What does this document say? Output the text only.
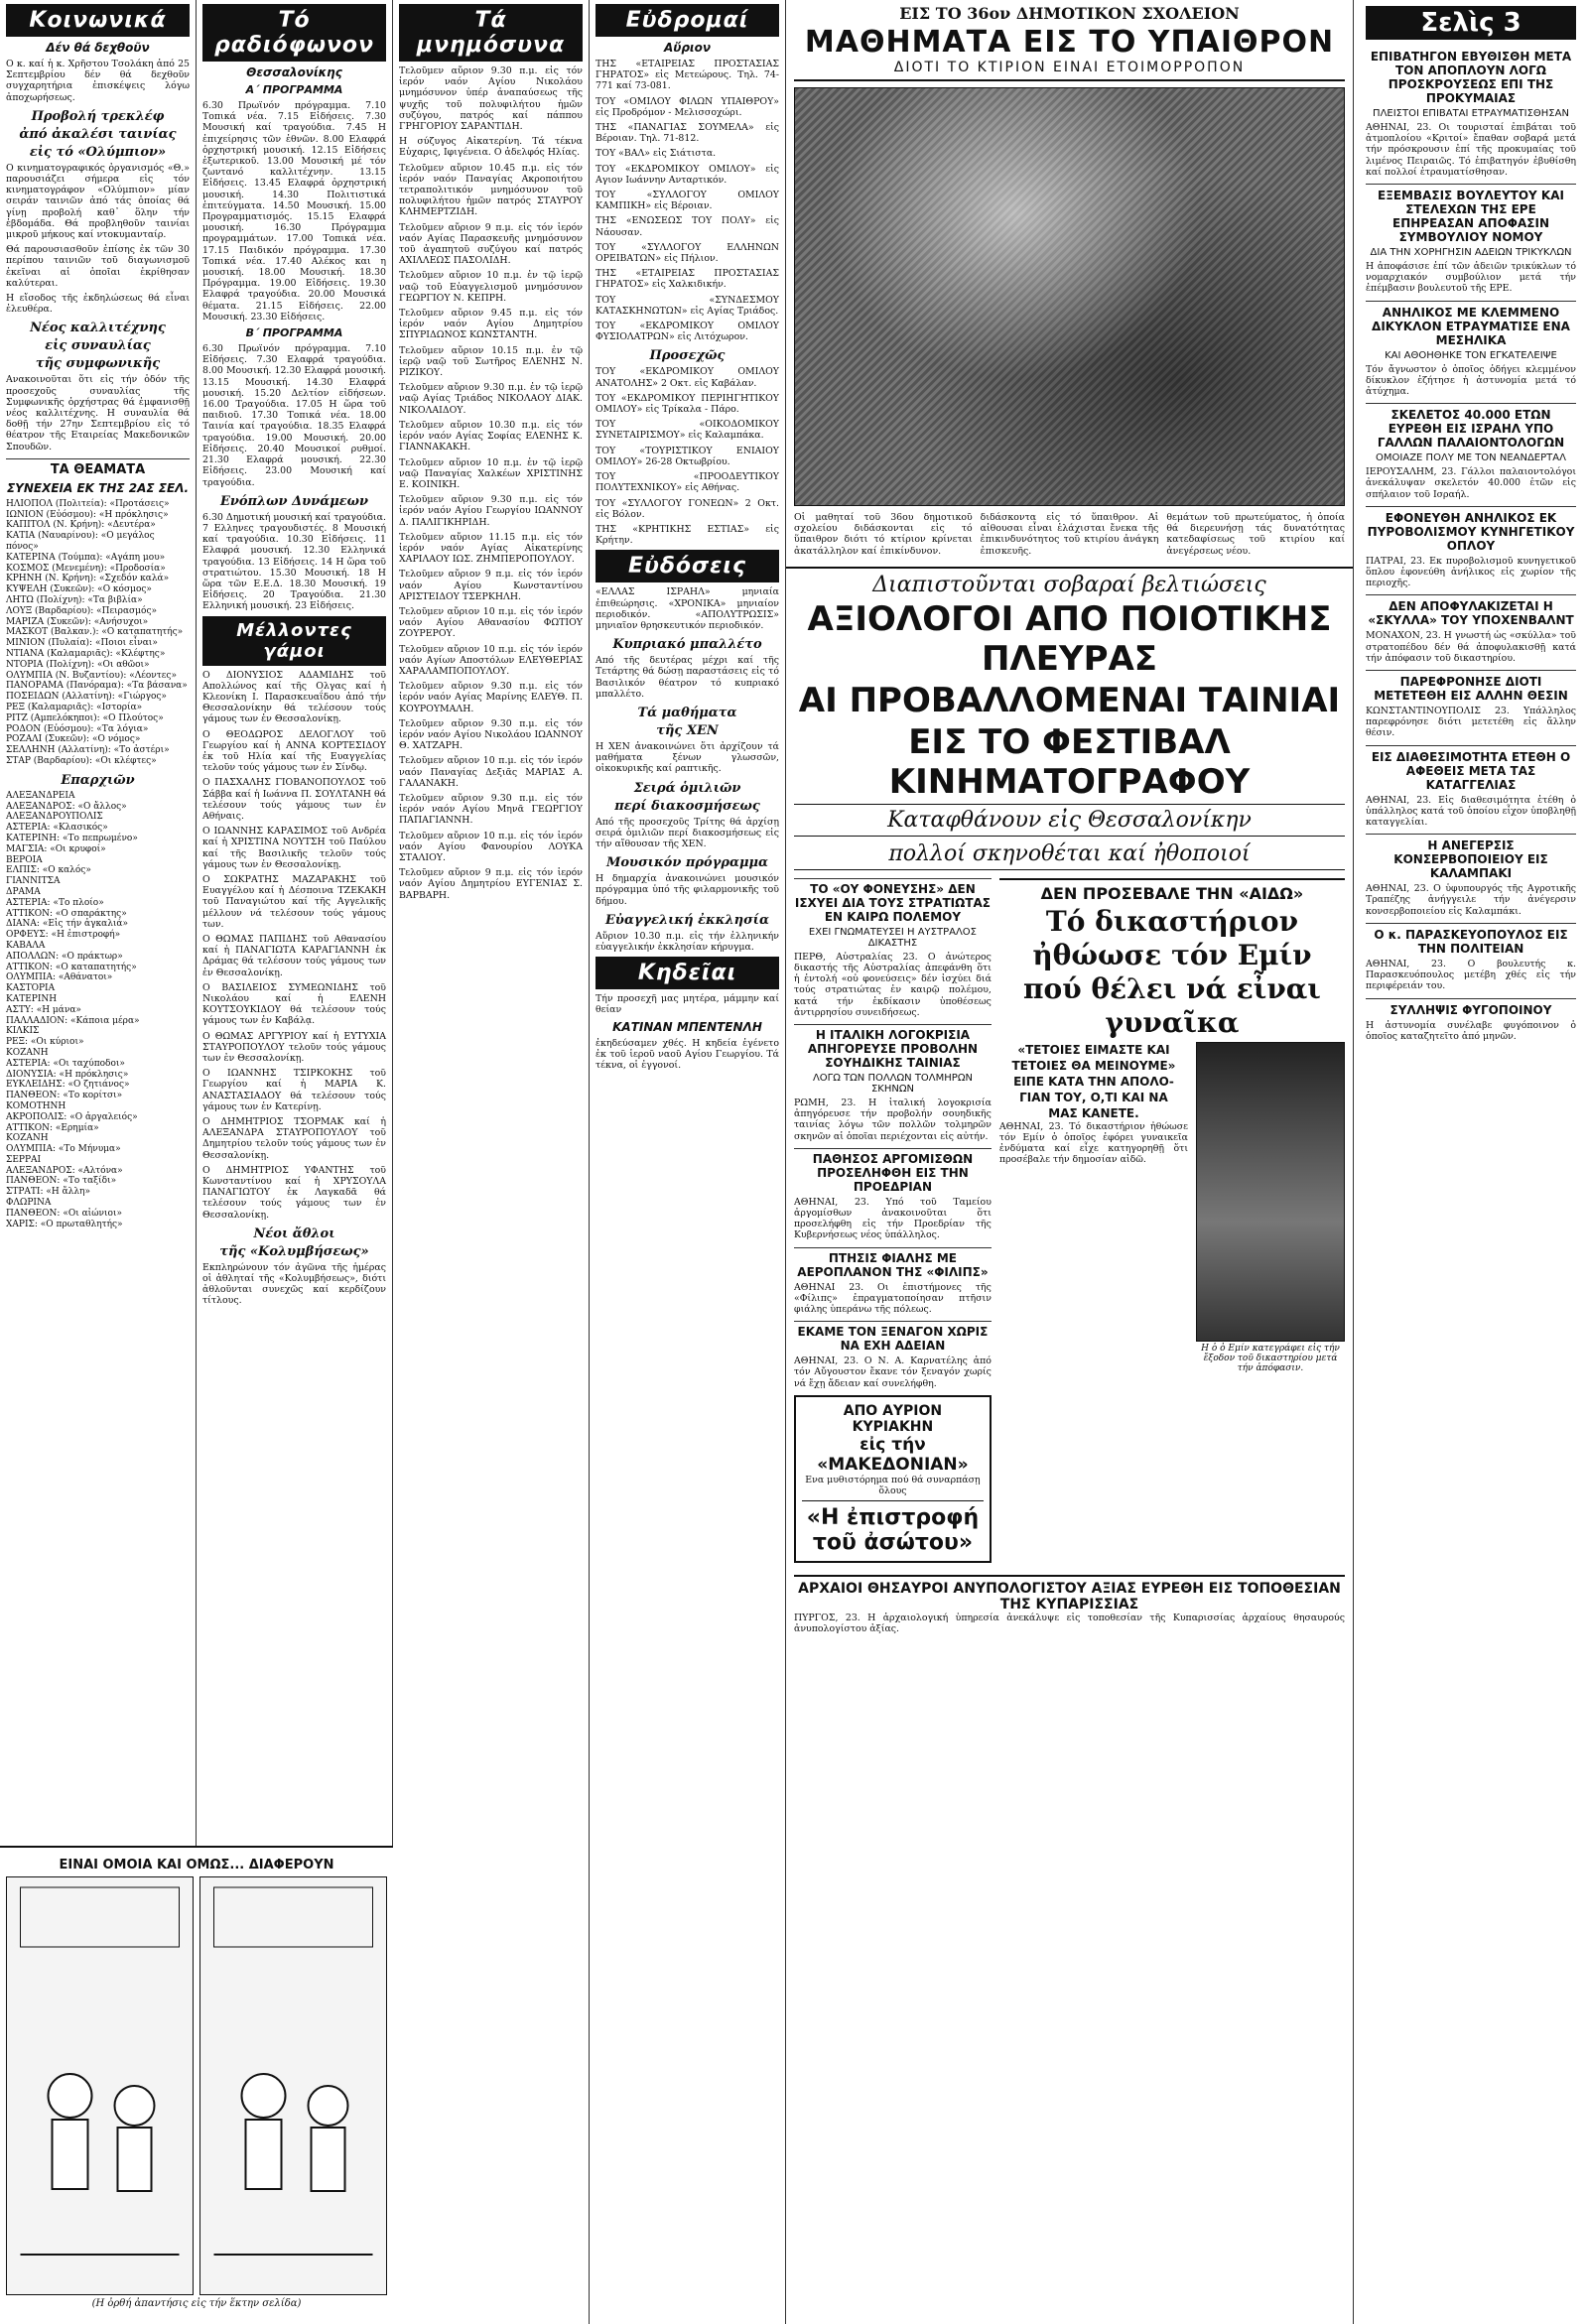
Κοινωνικά
Δέν θά δεχθοῦν

Ο κ. καί ἡ κ. Χρῆστου Τσολάκη ἀπό 25 Σεπτεμβρίου δέν θά δεχθοῦν συγχαρητήρια ἐπισκέψεις λόγω ἀποχωρήσεως.

Προβολή τρεκλέφ
ἀπό ἀκαλέσι ταινίας
εἰς τό «Ολύμπιον»

Ο κινηματογραφικός ὀργανισμός «Θ.» παρουσιάζει σήμερα εἰς τόν κινηματογράφον «Ολύμπιον» μίαν σειράν ταινιῶν ἀπό τάς ὁποίας θά γίνῃ προβολή καθ᾽ ὅλην τήν ἑβδομάδα. Θά προβληθοῦν ταινίαι μικροῦ μήκους καί ντοκυμανταίρ.

Θά παρουσιασθοῦν ἐπίσης ἐκ τῶν 30 περίπου ταινιῶν τοῦ διαγωνισμοῦ ἐκεῖναι αἱ ὁποῖαι ἐκρίθησαν καλύτεραι.

Η εἴσοδος τῆς ἐκδηλώσεως θά εἶναι ἐλευθέρα.

Νέος καλλιτέχνης
εἰς συναυλίας
τῆς συμφωνικῆς

Ανακοινοῦται ὅτι εἰς τήν ὁδόν τῆς προσεχοῦς συναυλίας τῆς Συμφωνικῆς ὀρχήστρας θά ἐμφανισθῇ νέος καλλιτέχνης. Η συναυλία θά δοθῇ τήν 27ην Σεπτεμβρίου εἰς τό θέατρον τῆς Εταιρείας Μακεδονικῶν Σπουδῶν.

ΤΑ ΘΕΑΜΑΤΑ
ΣΥΝΕΧΕΙΑ ΕΚ ΤΗΣ 2ΑΣ ΣΕΛ.

ΗΛΙΟΠΟΛ (Πολιτεία): «Προτάσεις»

ΙΩΝΙΟΝ (Εὐόσμου): «Η πρόκλησις»

ΚΑΠΙΤΟΛ (Ν. Κρήνη): «Δευτέρα»

ΚΑΤΙΑ (Ναυαρίνου): «Ο μεγάλος πόνος»

ΚΑΤΕΡΙΝΑ (Τούμπα): «Αγάπη μου»

ΚΟΣΜΟΣ (Μενεμένη): «Προδοσία»

ΚΡΗΝΗ (Ν. Κρήνη): «Σχεδόν καλά»

ΚΥΨΕΛΗ (Συκεῶν): «Ο κόσμος»

ΛΗΤΩ (Πολίχνη): «Τα βιβλία»

ΛΟΥΞ (Βαρδαρίου): «Πειρασμός»

ΜΑΡΙΖΑ (Συκεῶν): «Ανήσυχοι»

ΜΑΣΚΟΤ (Βαλκαν.): «Ο καταπατητής»

ΜΙΝΙΟΝ (Πυλαία): «Ποιοι εἶναι»

ΝΤΙΑΝΑ (Καλαμαριᾶς): «Κλέφτης»

ΝΤΟΡΙΑ (Πολίχνη): «Οι αθῶοι»

ΟΛΥΜΠΙΑ (Ν. Βυζαντίου): «Λέοντες»

ΠΑΝΟΡΑΜΑ (Πανόραμα): «Τα βάσανα»

ΠΟΣΕΙΔΩΝ (Αλλατίνη): «Γιώργος»

ΡΕΞ (Καλαμαριᾶς): «Ιστορία»

ΡΙΤΖ (Αμπελόκηποι): «Ο Πλούτος»

ΡΟΔΟΝ (Εὐόσμου): «Τα λόγια»

ΡΟΖΑΛΙ (Συκεῶν): «Ο νόμος»

ΣΕΛΛΗΝΗ (Αλλατίνη): «Το ἀστέρι»

ΣΤΑΡ (Βαρδαρίου): «Οι κλέφτες»

Επαρχιῶν

ΑΛΕΞΑΝΔΡΕΙΑ

ΑΛΕΞΑΝΔΡΟΣ: «Ο ἄλλος»

ΑΛΕΞΑΝΔΡΟΥΠΟΛΙΣ

ΑΣΤΕΡΙΑ: «Κλασικός»

ΚΑΤΕΡΙΝΗ: «Το πεπρωμένο»

ΜΑΓΣΙΑ: «Οι κρυφοί»

ΒΕΡΟΙΑ

ΕΛΠΙΣ: «Ο καλός»

ΓΙΑΝΝΙΤΣΑ

ΔΡΑΜΑ

ΑΣΤΕΡΙΑ: «Το πλοίο»

ΑΤΤΙΚΟΝ: «Ο σπαράκτης»

ΔΙΑΝΑ: «Εἰς τήν ἀγκαλιά»

ΟΡΦΕΥΣ: «Η ἐπιστροφή»

ΚΑΒΑΛΑ

ΑΠΟΛΛΩΝ: «Ο πράκτωρ»

ΑΤΤΙΚΟΝ: «Ο καταπατητής»

ΟΛΥΜΠΙΑ: «Αθάνατοι»

ΚΑΣΤΟΡΙΑ

ΚΑΤΕΡΙΝΗ

ΑΣΤΥ: «Η μάνα»

ΠΑΛΛΑΔΙΟΝ: «Κάποια μέρα»

ΚΙΛΚΙΣ

ΡΕΞ: «Οι κύριοι»

ΚΟΖΑΝΗ

ΑΣΤΕΡΙΑ: «Οι ταχύποδοι»

ΔΙΟΝΥΣΙΑ: «Η πρόκλησις»

ΕΥΚΛΕΙΔΗΣ: «Ο ζητιάνος»

ΠΑΝΘΕΟΝ: «Το κορίτσι»

ΚΟΜΟΤΗΝΗ

ΑΚΡΟΠΟΛΙΣ: «Ο ἀργαλειός»

ΑΤΤΙΚΟΝ: «Ερημία»

ΚΟΖΑΝΗ

ΟΛΥΜΠΙΑ: «Το Μήνυμα»

ΣΕΡΡΑΙ

ΑΛΕΞΑΝΔΡΟΣ: «Αλτόνα»

ΠΑΝΘΕΟΝ: «Το ταξίδι»

ΣΤΡΑΤΙ: «Η ἄλλη»

ΦΛΩΡΙΝΑ

ΠΑΝΘΕΟΝ: «Οι αἰώνιοι»

ΧΑΡΙΣ: «Ο πρωταθλητής»

Τό ραδιόφωνον
Θεσσαλονίκης
Α΄ ΠΡΟΓΡΑΜΜΑ

6.30 Πρωϊνόν πρόγραμμα. 7.10 Τοπικά νέα. 7.15 Εἰδήσεις. 7.30 Μουσική καί τραγούδια. 7.45 Η ἐπιχείρησις τῶν ἐθνῶν. 8.00 Ελαφρά ὀρχηστρική μουσική. 12.15 Εἰδήσεις ἐξωτερικοῦ. 13.00 Μουσική μέ τόν ζωντανό καλλιτέχνην. 13.15 Εἰδήσεις. 13.45 Ελαφρά ὀρχηστρική μουσική. 14.30 Πολιτιστικά ἐπιτεύγματα. 14.50 Μουσική. 15.00 Προγραμματισμός. 15.15 Ελαφρά μουσική. 16.30 Πρόγραμμα προγραμμάτων. 17.00 Τοπικά νέα. 17.15 Παιδικόν πρόγραμμα. 17.30 Τοπικά νέα. 17.40 Αλέκος και η μουσική. 18.00 Μουσική. 18.30 Πρόγραμμα. 19.00 Εἰδήσεις. 19.30 Ελαφρά τραγούδια. 20.00 Μουσικά θέματα. 21.15 Εἰδήσεις. 22.00 Μουσική. 23.30 Εἰδήσεις.

Β΄ ΠΡΟΓΡΑΜΜΑ

6.30 Πρωϊνόν πρόγραμμα. 7.10 Εἰδήσεις. 7.30 Ελαφρά τραγούδια. 8.00 Μουσική. 12.30 Ελαφρά μουσική. 13.15 Μουσική. 14.30 Ελαφρά μουσική. 15.20 Δελτίον εἰδήσεων. 16.00 Τραγούδια. 17.05 Η ὥρα τοῦ παιδιοῦ. 17.30 Τοπικά νέα. 18.00 Ταινία καί τραγούδια. 18.35 Ελαφρά τραγούδια. 19.00 Μουσική. 20.00 Εἰδήσεις. 20.40 Μουσικοί ρυθμοί. 21.30 Ελαφρά μουσική. 22.30 Εἰδήσεις. 23.00 Μουσική καί τραγούδια.

Ενόπλων Δυνάμεων

6.30 Δημοτική μουσική καί τραγούδια. 7 Ελληνες τραγουδιστές. 8 Μουσική καί τραγούδια. 10.30 Εἰδήσεις. 11 Ελαφρά μουσική. 12.30 Ελληνικά τραγούδια. 13 Εἰδήσεις. 14 Η ὥρα τοῦ στρατιώτου. 15.30 Μουσική. 18 Η ὥρα τῶν Ε.Ε.Δ. 18.30 Μουσική. 19 Εἰδήσεις. 20 Τραγούδια. 21.30 Ελληνική μουσική. 23 Εἰδήσεις.

Μέλλοντες γάμοι

Ο ΔΙΟΝΥΣΙΟΣ ΑΔΑΜΙΔΗΣ τοῦ Απολλώνος καί τῆς Ολγας καί ἡ Κλεονίκη Ι. Παρασκευαΐδου ἀπό τήν Θεσσαλονίκην θά τελέσουν τούς γάμους των ἐν Θεσσαλονίκῃ.

Ο ΘΕΟΔΩΡΟΣ ΔΕΛΟΓΛΟΥ τοῦ Γεωργίου καί ἡ ΑΝΝΑ ΚΟΡΤΕΣΙΔΟΥ ἐκ τοῦ Ηλία καί τῆς Ευαγγελίας τελοῦν τούς γάμους των ἐν Σίνδῳ.

Ο ΠΑΣΧΑΛΗΣ ΓΙΟΒΑΝΟΠΟΥΛΟΣ τοῦ Σάββα καί ἡ Ιωάννα Π. ΣΟΥΛΤΑΝΗ θά τελέσουν τούς γάμους των ἐν Αθήναις.

Ο ΙΩΑΝΝΗΣ ΚΑΡΑΣΙΜΟΣ τοῦ Ανδρέα καί ἡ ΧΡΙΣΤΙΝΑ ΝΟΥΤΣΗ τοῦ Παύλου καί τῆς Βασιλικῆς τελοῦν τούς γάμους των ἐν Θεσσαλονίκῃ.

Ο ΣΩΚΡΑΤΗΣ ΜΑΖΑΡΑΚΗΣ τοῦ Ευαγγέλου καί ἡ Δέσποινα ΤΖΕΚΑΚΗ τοῦ Παναγιώτου καί τῆς Αγγελικῆς μέλλουν νά τελέσουν τούς γάμους των.

Ο ΘΩΜΑΣ ΠΑΠΙΔΗΣ τοῦ Αθανασίου καί ἡ ΠΑΝΑΓΙΩΤΑ ΚΑΡΑΓΙΑΝΝΗ ἐκ Δράμας θά τελέσουν τούς γάμους των ἐν Θεσσαλονίκῃ.

Ο ΒΑΣΙΛΕΙΟΣ ΣΥΜΕΩΝΙΔΗΣ τοῦ Νικολάου καί ἡ ΕΛΕΝΗ ΚΟΥΤΣΟΥΚΙΔΟΥ θά τελέσουν τούς γάμους των ἐν Καβάλᾳ.

Ο ΘΩΜΑΣ ΑΡΓΥΡΙΟΥ καί ἡ ΕΥΤΥΧΙΑ ΣΤΑΥΡΟΠΟΥΛΟΥ τελοῦν τούς γάμους των ἐν Θεσσαλονίκῃ.

Ο ΙΩΑΝΝΗΣ ΤΣΙΡΚΟΚΗΣ τοῦ Γεωργίου καί ἡ ΜΑΡΙΑ Κ. ΑΝΑΣΤΑΣΙΑΔΟΥ θά τελέσουν τούς γάμους των ἐν Κατερίνῃ.

Ο ΔΗΜΗΤΡΙΟΣ ΤΣΟΡΜΑΚ καί ἡ ΑΛΕΞΑΝΔΡΑ ΣΤΑΥΡΟΠΟΥΛΟΥ τοῦ Δημητρίου τελοῦν τούς γάμους των ἐν Θεσσαλονίκῃ.

Ο ΔΗΜΗΤΡΙΟΣ ΥΦΑΝΤΗΣ τοῦ Κωνσταντίνου καί ἡ ΧΡΥΣΟΥΛΑ ΠΑΝΑΓΙΩΤΟΥ ἐκ Λαγκαδᾶ θά τελέσουν τούς γάμους των ἐν Θεσσαλονίκῃ.

Νέοι ἄθλοι
τῆς «Κολυμβήσεως»

Εκπληρώνουν τόν ἀγῶνα τῆς ἡμέρας οἱ ἀθληταί τῆς «Κολυμβήσεως», διότι ἀθλοῦνται συνεχῶς καί κερδίζουν τίτλους.

Τά μνημόσυνα

Τελοῦμεν αὔριον 9.30 π.μ. εἰς τόν ἱερόν ναόν Αγίου Νικολάου μνημόσυνον ὑπέρ ἀναπαύσεως τῆς ψυχῆς τοῦ πολυφιλήτου ἡμῶν συζύγου, πατρός καί πάππου ΓΡΗΓΟΡΙΟΥ ΣΑΡΑΝΤΙΔΗ.

Η σύζυγος Αἰκατερίνη. Τά τέκνα Εὐχαρις, Ιφιγένεια. Ο ἀδελφός Ηλίας.

Τελοῦμεν αὔριον 10.45 π.μ. εἰς τόν ἱερόν ναόν Παναγίας Ακροποιήτου τετραπολιτικόν μνημόσυνον τοῦ πολυφιλήτου ἡμῶν πατρός ΣΤΑΥΡΟΥ ΚΛΗΜΕΡΤΖΙΔΗ.

Τελοῦμεν αὔριον 9 π.μ. εἰς τόν ἱερόν ναόν Αγίας Παρασκευῆς μνημόσυνον τοῦ ἀγαπητοῦ συζύγου καί πατρός ΑΧΙΛΛΕΩΣ ΠΑΣΟΛΙΔΗ.

Τελοῦμεν αὔριον 10 π.μ. ἐν τῷ ἱερῷ ναῷ τοῦ Εὐαγγελισμοῦ μνημόσυνον ΓΕΩΡΓΙΟΥ Ν. ΚΕΠΡΗ.

Τελοῦμεν αὔριον 9.45 π.μ. εἰς τόν ἱερόν ναόν Αγίου Δημητρίου ΣΠΥΡΙΔΩΝΟΣ ΚΩΝΣΤΑΝΤΗ.

Τελοῦμεν αὔριον 10.15 π.μ. ἐν τῷ ἱερῷ ναῷ τοῦ Σωτῆρος ΕΛΕΝΗΣ Ν. ΡΙΖΙΚΟΥ.

Τελοῦμεν αὔριον 9.30 π.μ. ἐν τῷ ἱερῷ ναῷ Αγίας Τριάδος ΝΙΚΟΛΑΟΥ ΔΙΑΚ. ΝΙΚΟΛΑΙΔΟΥ.

Τελοῦμεν αὔριον 10.30 π.μ. εἰς τόν ἱερόν ναόν Αγίας Σοφίας ΕΛΕΝΗΣ Κ. ΓΙΑΝΝΑΚΑΚΗ.

Τελοῦμεν αὔριον 10 π.μ. ἐν τῷ ἱερῷ ναῷ Παναγίας Χαλκέων ΧΡΙΣΤΙΝΗΣ Ε. ΚΟΙΝΙΚΗ.

Τελοῦμεν αὔριον 9.30 π.μ. εἰς τόν ἱερόν ναόν Αγίου Γεωργίου ΙΩΑΝΝΟΥ Δ. ΠΑΛΙΓΙΚΗΡΙΔΗ.

Τελοῦμεν αὔριον 11.15 π.μ. εἰς τόν ἱερόν ναόν Αγίας Αἰκατερίνης ΧΑΡΙΛΑΟΥ ΙΩΣ. ΖΗΜΠΕΡΟΠΟΥΛΟΥ.

Τελοῦμεν αὔριον 9 π.μ. εἰς τόν ἱερόν ναόν Αγίου Κωνσταντίνου ΑΡΙΣΤΕΙΔΟΥ ΤΣΕΡΚΗΛΗ.

Τελοῦμεν αὔριον 10 π.μ. εἰς τόν ἱερόν ναόν Αγίου Αθανασίου ΦΩΤΙΟΥ ΖΟΥΡΕΡΟΥ.

Τελοῦμεν αὔριον 10 π.μ. εἰς τόν ἱερόν ναόν Αγίων Αποστόλων ΕΛΕΥΘΕΡΙΑΣ ΧΑΡΑΛΑΜΠΟΠΟΥΛΟΥ.

Τελοῦμεν αὔριον 9.30 π.μ. εἰς τόν ἱερόν ναόν Αγίας Μαρίνης ΕΛΕΥΘ. Π. ΚΟΥΡΟΥΜΑΛΗ.

Τελοῦμεν αὔριον 9.30 π.μ. εἰς τόν ἱερόν ναόν Αγίου Νικολάου ΙΩΑΝΝΟΥ Θ. ΧΑΤΖΑΡΗ.

Τελοῦμεν αὔριον 10 π.μ. εἰς τόν ἱερόν ναόν Παναγίας Δεξιᾶς ΜΑΡΙΑΣ Α. ΓΑΛΑΝΑΚΗ.

Τελοῦμεν αὔριον 9.30 π.μ. εἰς τόν ἱερόν ναόν Αγίου Μηνᾶ ΓΕΩΡΓΙΟΥ ΠΑΠΑΓΙΑΝΝΗ.

Τελοῦμεν αὔριον 10 π.μ. εἰς τόν ἱερόν ναόν Αγίου Φανουρίου ΛΟΥΚΑ ΣΤΑΛΙΟΥ.

Τελοῦμεν αὔριον 9 π.μ. εἰς τόν ἱερόν ναόν Αγίου Δημητρίου ΕΥΓΕΝΙΑΣ Σ. ΒΑΡΒΑΡΗ.

Εὐδρομαί
Αὔριον

ΤΗΣ «ΕΤΑΙΡΕΙΑΣ ΠΡΟΣΤΑΣΙΑΣ ΓΗΡΑΤΟΣ» εἰς Μετεώρους. Τηλ. 74-771 καί 73-081.

ΤΟΥ «ΟΜΙΛΟΥ ΦΙΛΩΝ ΥΠΑΙΘΡΟΥ» εἰς Προδρόμον - Μελισσοχώρι.

ΤΗΣ «ΠΑΝΑΓΙΑΣ ΣΟΥΜΕΛΑ» εἰς Βέροιαν. Τηλ. 71-812.

ΤΟΥ «ΒΑΛ» εἰς Σιάτιστα.

ΤΟΥ «ΕΚΔΡΟΜΙΚΟΥ ΟΜΙΛΟΥ» εἰς Αγιον Ιωάννην Ανταρτικόν.

ΤΟΥ «ΣΥΛΛΟΓΟΥ ΟΜΙΛΟΥ ΚΑΜΠΙΚΗ» εἰς Βέροιαν.

ΤΗΣ «ΕΝΩΣΕΩΣ ΤΟΥ ΠΟΛΥ» εἰς Νάουσαν.

ΤΟΥ «ΣΥΛΛΟΓΟΥ ΕΛΛΗΝΩΝ ΟΡΕΙΒΑΤΩΝ» εἰς Πήλιον.

ΤΗΣ «ΕΤΑΙΡΕΙΑΣ ΠΡΟΣΤΑΣΙΑΣ ΓΗΡΑΤΟΣ» εἰς Χαλκιδικήν.

ΤΟΥ «ΣΥΝΔΕΣΜΟΥ ΚΑΤΑΣΚΗΝΩΤΩΝ» εἰς Αγίας Τριάδος.

ΤΟΥ «ΕΚΔΡΟΜΙΚΟΥ ΟΜΙΛΟΥ ΦΥΣΙΟΛΑΤΡΩΝ» εἰς Λιτόχωρον.

Προσεχῶς

ΤΟΥ «ΕΚΔΡΟΜΙΚΟΥ ΟΜΙΛΟΥ ΑΝΑΤΟΛΗΣ» 2 Οκτ. εἰς Καβάλαν.

ΤΟΥ «ΕΚΔΡΟΜΙΚΟΥ ΠΕΡΙΗΓΗΤΙΚΟΥ ΟΜΙΛΟΥ» εἰς Τρίκαλα - Πάρο.

ΤΟΥ «ΟΙΚΟΔΟΜΙΚΟΥ ΣΥΝΕΤΑΙΡΙΣΜΟΥ» εἰς Καλαμπάκα.

ΤΟΥ «ΤΟΥΡΙΣΤΙΚΟΥ ΕΝΙΑΙΟΥ ΟΜΙΛΟΥ» 26-28 Οκτωβρίου.

ΤΟΥ «ΠΡΟΟΔΕΥΤΙΚΟΥ ΠΟΛΥΤΕΧΝΙΚΟΥ» εἰς Αθήνας.

ΤΟΥ «ΣΥΛΛΟΓΟΥ ΓΟΝΕΩΝ» 2 Οκτ. εἰς Βόλον.

ΤΗΣ «ΚΡΗΤΙΚΗΣ ΕΣΤΙΑΣ» εἰς Κρήτην.

Εὐδόσεις

«ΕΛΛΑΣ ΙΣΡΑΗΛ» μηνιαία ἐπιθεώρησις. «ΧΡΟΝΙΚΑ» μηνιαίον περιοδικόν. «ΑΠΟΛΥΤΡΩΣΙΣ» μηνιαῖον θρησκευτικόν περιοδικόν.

Κυπριακό μπαλλέτο

Από τῆς δευτέρας μέχρι καί τῆς Τετάρτης θά δώσῃ παραστάσεις εἰς τό Βασιλικόν θέατρον τό κυπριακό μπαλλέτο.

Τά μαθήματα
τῆς ΧΕΝ

Η ΧΕΝ ἀνακοινώνει ὅτι ἀρχίζουν τά μαθήματα ξένων γλωσσῶν, οἰκοκυρικῆς καί ραπτικῆς.

Σειρά ὁμιλιῶν
περί διακοσμήσεως

Από τῆς προσεχοῦς Τρίτης θά ἀρχίσῃ σειρά ὁμιλιῶν περί διακοσμήσεως εἰς τήν αἴθουσαν τῆς ΧΕΝ.

Μουσικόν πρόγραμμα

Η δημαρχία ἀνακοινώνει μουσικόν πρόγραμμα ὑπό τῆς φιλαρμονικῆς τοῦ δήμου.

Εὐαγγελική ἐκκλησία

Αὔριον 10.30 π.μ. εἰς τήν ἑλληνικήν εὐαγγελικήν ἐκκλησίαν κήρυγμα.

Κηδεῖαι

Τήν προσεχῆ μας μητέρα, μάμμην καί θείαν

ΚΑΤΙΝΑΝ ΜΠΕΝΤΕΝΛΗ

ἐκηδεύσαμεν χθές. Η κηδεία ἐγένετο ἐκ τοῦ ἱεροῦ ναοῦ Αγίου Γεωργίου. Τά τέκνα, οἱ ἐγγονοί.

ΕΙΣ ΤΟ 36ον ΔΗΜΟΤΙΚΟΝ ΣΧΟΛΕΙΟΝ
ΜΑΘΗΜΑΤΑ ΕΙΣ ΤΟ ΥΠΑΙΘΡΟΝ
ΔΙΟΤΙ ΤΟ ΚΤΙΡΙΟΝ ΕΙΝΑΙ ΕΤΟΙΜΟΡΡΟΠΟΝ

Οἱ μαθηταί τοῦ 36ου δημοτικοῦ σχολείου διδάσκονται εἰς τό ὕπαιθρον διότι τό κτίριον κρίνεται ἀκατάλληλον καί ἐπικίνδυνον.

διδάσκοντα εἰς τό ὕπαιθρον. Αἱ αἰθουσαι εἶναι ἐλάχισται ἔνεκα τῆς ἐπικινδυνότητος τοῦ κτιρίου ἀνάγκη ἐπισκευῆς.

θεμάτων τοῦ πρωτεύματος, ἡ ὁποία θά διερευνήσῃ τάς δυνατότητας κατεδαφίσεως τοῦ κτιρίου καί ἀνεγέρσεως νέου.

Διαπιστοῦνται σοβαραί βελτιώσεις
ΑΞΙΟΛΟΓΟΙ ΑΠΟ ΠΟΙΟΤΙΚΗΣ ΠΛΕΥΡΑΣ
ΑΙ ΠΡΟΒΑΛΛΟΜΕΝΑΙ ΤΑΙΝΙΑΙ
ΕΙΣ ΤΟ ΦΕΣΤΙΒΑΛ ΚΙΝΗΜΑΤΟΓΡΑΦΟΥ
Καταφθάνουν εἰς Θεσσαλονίκην
πολλοί σκηνοθέται καί ἠθοποιοί
ΤΟ «ΟΥ ΦΟΝΕΥΣΗΣ» ΔΕΝ ΙΣΧΥΕΙ ΔΙΑ ΤΟΥΣ ΣΤΡΑΤΙΩΤΑΣ ΕΝ ΚΑΙΡΩ ΠΟΛΕΜΟΥ
ΕΧΕΙ ΓΝΩΜΑΤΕΥΣΕΙ Η ΑΥΣΤΡΑΛΟΣ ΔΙΚΑΣΤΗΣ

ΠΕΡΘ, Αὐστραλίας 23. Ο ἀνώτερος δικαστής τῆς Αὐστραλίας ἀπεφάνθη ὅτι ἡ ἐντολή «οὐ φονεύσεις» δέν ἰσχύει διά τούς στρατιώτας ἐν καιρῷ πολέμου, κατά τήν ἐκδίκασιν ὑποθέσεως ἀντιρρησίου συνειδήσεως.

Η ΙΤΑΛΙΚΗ ΛΟΓΟΚΡΙΣΙΑ ΑΠΗΓΟΡΕΥΣΕ ΠΡΟΒΟΛΗΝ ΣΟΥΗΔΙΚΗΣ ΤΑΙΝΙΑΣ
ΛΟΓΩ ΤΩΝ ΠΟΛΛΩΝ ΤΟΛΜΗΡΩΝ ΣΚΗΝΩΝ

ΡΩΜΗ, 23. Η ἰταλική λογοκρισία ἀπηγόρευσε τήν προβολήν σουηδικῆς ταινίας λόγω τῶν πολλῶν τολμηρῶν σκηνῶν αἱ ὁποῖαι περιέχονται εἰς αὐτήν.

ΠΑΘΗΣΟΣ ΑΡΓΟΜΙΣΘΩΝ ΠΡΟΣΕΛΗΦΘΗ ΕΙΣ ΤΗΝ ΠΡΟΕΔΡΙΑΝ

ΑΘΗΝΑΙ, 23. Υπό τοῦ Ταμείου ἀργομίσθων ἀνακοινοῦται ὅτι προσελήφθη εἰς τήν Προεδρίαν τῆς Κυβερνήσεως νέος ὑπάλληλος.

ΠΤΗΣΙΣ ΦΙΑΛΗΣ ΜΕ ΑΕΡΟΠΛΑΝΟΝ ΤΗΣ «ΦΙΛΙΠΣ»

ΑΘΗΝΑΙ 23. Οι ἐπιστήμονες τῆς «Φίλιπς» ἐπραγματοποίησαν πτῆσιν φιάλης ὑπεράνω τῆς πόλεως.

ΕΚΑΜΕ ΤΟΝ ΞΕΝΑΓΟΝ ΧΩΡΙΣ ΝΑ ΕΧΗ ΑΔΕΙΑΝ

ΑΘΗΝΑΙ, 23. Ο Ν. Α. Καρνατέλης ἀπό τόν Αὔγουστον ἔκανε τόν ξεναγόν χωρίς νά ἔχῃ ἄδειαν καί συνελήφθη.

ΑΠΟ ΑΥΡΙΟΝ ΚΥΡΙΑΚΗΝ
εἰς τήν «ΜΑΚΕΔΟΝΙΑΝ»

Ενα μυθιστόρημα πού θά συναρπάσῃ ὅλους

«Η ἐπιστροφή τοῦ ἀσώτου»
ΔΕΝ ΠΡΟΣΕΒΑΛΕ ΤΗΝ «ΑΙΔΩ»
Τό δικαστήριον ἠθώωσε τόν Εμίν πού θέλει νά εἶναι γυναῖκα
«ΤΕΤΟΙΕΣ ΕΙΜΑΣΤΕ ΚΑΙ
ΤΕΤΟΙΕΣ ΘΑ ΜΕΙΝΟΥΜΕ»
ΕΙΠΕ ΚΑΤΑ ΤΗΝ ΑΠΟΛΟ-
ΓΙΑΝ ΤΟΥ, Ο,ΤΙ ΚΑΙ ΝΑ
ΜΑΣ ΚΑΝΕΤΕ.

ΑΘΗΝΑΙ, 23. Τό δικαστήριον ἠθώωσε τόν Εμίν ὁ ὁποῖος ἐφόρει γυναικεῖα ἐνδύματα καί εἶχε κατηγορηθῇ ὅτι προσέβαλε τήν δημοσίαν αἰδῶ.

Η ὁ ὁ Εμίν κατεγράφει εἰς τήν ἔξοδον τοῦ δικαστηρίου μετά τήν ἀπόφασιν.
ΑΡΧΑΙΟΙ ΘΗΣΑΥΡΟΙ ΑΝΥΠΟΛΟΓΙΣΤΟΥ ΑΞΙΑΣ ΕΥΡΕΘΗ ΕΙΣ ΤΟΠΟΘΕΣΙΑΝ ΤΗΣ ΚΥΠΑΡΙΣΣΙΑΣ

ΠΥΡΓΟΣ, 23. Η ἀρχαιολογική ὑπηρεσία ἀνεκάλυψε εἰς τοποθεσίαν τῆς Κυπαρισσίας ἀρχαίους θησαυρούς ἀνυπολογίστου ἀξίας.

Σελὶς 3
ΕΠΙΒΑΤΗΓΟΝ ΕΒΥΘΙΣΘΗ ΜΕΤΑ ΤΟΝ ΑΠΟΠΛΟΥΝ ΛΟΓΩ ΠΡΟΣΚΡΟΥΣΕΩΣ ΕΠΙ ΤΗΣ ΠΡΟΚΥΜΑΙΑΣ
ΠΛΕΙΣΤΟΙ ΕΠΙΒΑΤΑΙ ΕΤΡΑΥΜΑΤΙΣΘΗΣΑΝ

ΑΘΗΝΑΙ, 23. Οι τουρισταί ἐπιβάται τοῦ ἀτμοπλοίου «Κριτοί» ἔπαθαν σοβαρά μετά τήν πρόσκρουσιν ἐπί τῆς προκυμαίας τοῦ λιμένος Πειραιῶς. Τό ἐπιβατηγόν ἐβυθίσθη καί πολλοί ἐτραυματίσθησαν.

ΕΞΕΜΒΑΣΙΣ ΒΟΥΛΕΥΤΟΥ ΚΑΙ ΣΤΕΛΕΧΩΝ ΤΗΣ ΕΡΕ ΕΠΗΡΕΑΣΑΝ ΑΠΟΦΑΣΙΝ ΣΥΜΒΟΥΛΙΟΥ ΝΟΜΟΥ
ΔΙΑ ΤΗΝ ΧΟΡΗΓΗΣΙΝ ΑΔΕΙΩΝ ΤΡΙΚΥΚΛΩΝ

Η ἀποφάσισε ἐπί τῶν ἀδειῶν τρικύκλων τό νομαρχιακόν συμβούλιον μετά τήν ἐπέμβασιν βουλευτοῦ τῆς ΕΡΕ.

ΑΝΗΛΙΚΟΣ ΜΕ ΚΛΕΜΜΕΝΟ ΔΙΚΥΚΛΟΝ ΕΤΡΑΥΜΑΤΙΣΕ ΕΝΑ ΜΕΣΗΛΙΚΑ
ΚΑΙ ΑΘΟΗΘΗΚΕ ΤΟΝ ΕΓΚΑΤΕΛΕΙΨΕ

Τόν ἄγνωστον ὁ ὁποῖος ὁδήγει κλεμμένον δίκυκλον ἐζήτησε ἡ ἀστυνομία μετά τό ἀτύχημα.

ΣΚΕΛΕΤΟΣ 40.000 ΕΤΩΝ ΕΥΡΕΘΗ ΕΙΣ ΙΣΡΑΗΛ ΥΠΟ ΓΑΛΛΩΝ ΠΑΛΑΙΟΝΤΟΛΟΓΩΝ
ΟΜΟΙΑΖΕ ΠΟΛΥ ΜΕ ΤΟΝ ΝΕΑΝΔΕΡΤΑΛ

ΙΕΡΟΥΣΑΛΗΜ, 23. Γάλλοι παλαιοντολόγοι ἀνεκάλυψαν σκελετόν 40.000 ἐτῶν εἰς σπήλαιον τοῦ Ισραήλ.

ΕΦΟΝΕΥΘΗ ΑΝΗΛΙΚΟΣ ΕΚ ΠΥΡΟΒΟΛΙΣΜΟΥ ΚΥΝΗΓΕΤΙΚΟΥ ΟΠΛΟΥ

ΠΑΤΡΑΙ, 23. Εκ πυροβολισμοῦ κυνηγετικοῦ ὅπλου ἐφονεύθη ἀνήλικος εἰς χωρίον τῆς περιοχῆς.

ΔΕΝ ΑΠΟΦΥΛΑΚΙΖΕΤΑΙ Η «ΣΚΥΛΛΑ» ΤΟΥ ΥΠΟΧΕΝΒΑΛΝΤ

ΜΟΝΑΧΟΝ, 23. Η γνωστή ὡς «σκύλλα» τοῦ στρατοπέδου δέν θά ἀποφυλακισθῇ κατά τήν ἀπόφασιν τοῦ δικαστηρίου.

ΠΑΡΕΦΡΟΝΗΣΕ ΔΙΟΤΙ ΜΕΤΕΤΕΘΗ ΕΙΣ ΑΛΛΗΝ ΘΕΣΙΝ

ΚΩΝΣΤΑΝΤΙΝΟΥΠΟΛΙΣ 23. Υπάλληλος παρεφρόνησε διότι μετετέθη εἰς ἄλλην θέσιν.

ΕΙΣ ΔΙΑΘΕΣΙΜΟΤΗΤΑ ΕΤΕΘΗ Ο ΑΦΕΘΕΙΣ ΜΕΤΑ ΤΑΣ ΚΑΤΑΓΓΕΛΙΑΣ

ΑΘΗΝΑΙ, 23. Εἰς διαθεσιμότητα ἐτέθη ὁ ὑπάλληλος κατά τοῦ ὁποίου εἶχον ὑποβληθῇ καταγγελίαι.

Η ΑΝΕΓΕΡΣΙΣ ΚΟΝΣΕΡΒΟΠΟΙΕΙΟΥ ΕΙΣ ΚΑΛΑΜΠΑΚΙ

ΑΘΗΝΑΙ, 23. Ο ὑφυπουργός τῆς Αγροτικῆς Τραπέζης ἀνήγγειλε τήν ἀνέγερσιν κονσερβοποιείου εἰς Καλαμπάκι.

Ο κ. ΠΑΡΑΣΚΕΥΟΠΟΥΛΟΣ ΕΙΣ ΤΗΝ ΠΟΛΙΤΕΙΑΝ

ΑΘΗΝΑΙ, 23. Ο βουλευτής κ. Παρασκευόπουλος μετέβη χθές εἰς τήν περιφέρειάν του.

ΣΥΛΛΗΨΙΣ ΦΥΓΟΠΟΙΝΟΥ

Η ἀστυνομία συνέλαβε φυγόποινον ὁ ὁποῖος καταζητεῖτο ἀπό μηνῶν.

ΕΙΝΑΙ ΟΜΟΙΑ ΚΑΙ ΟΜΩΣ... ΔΙΑΦΕΡΟΥΝ
(Η ὀρθή ἀπαντήσις εἰς τήν ἕκτην σελίδα)
